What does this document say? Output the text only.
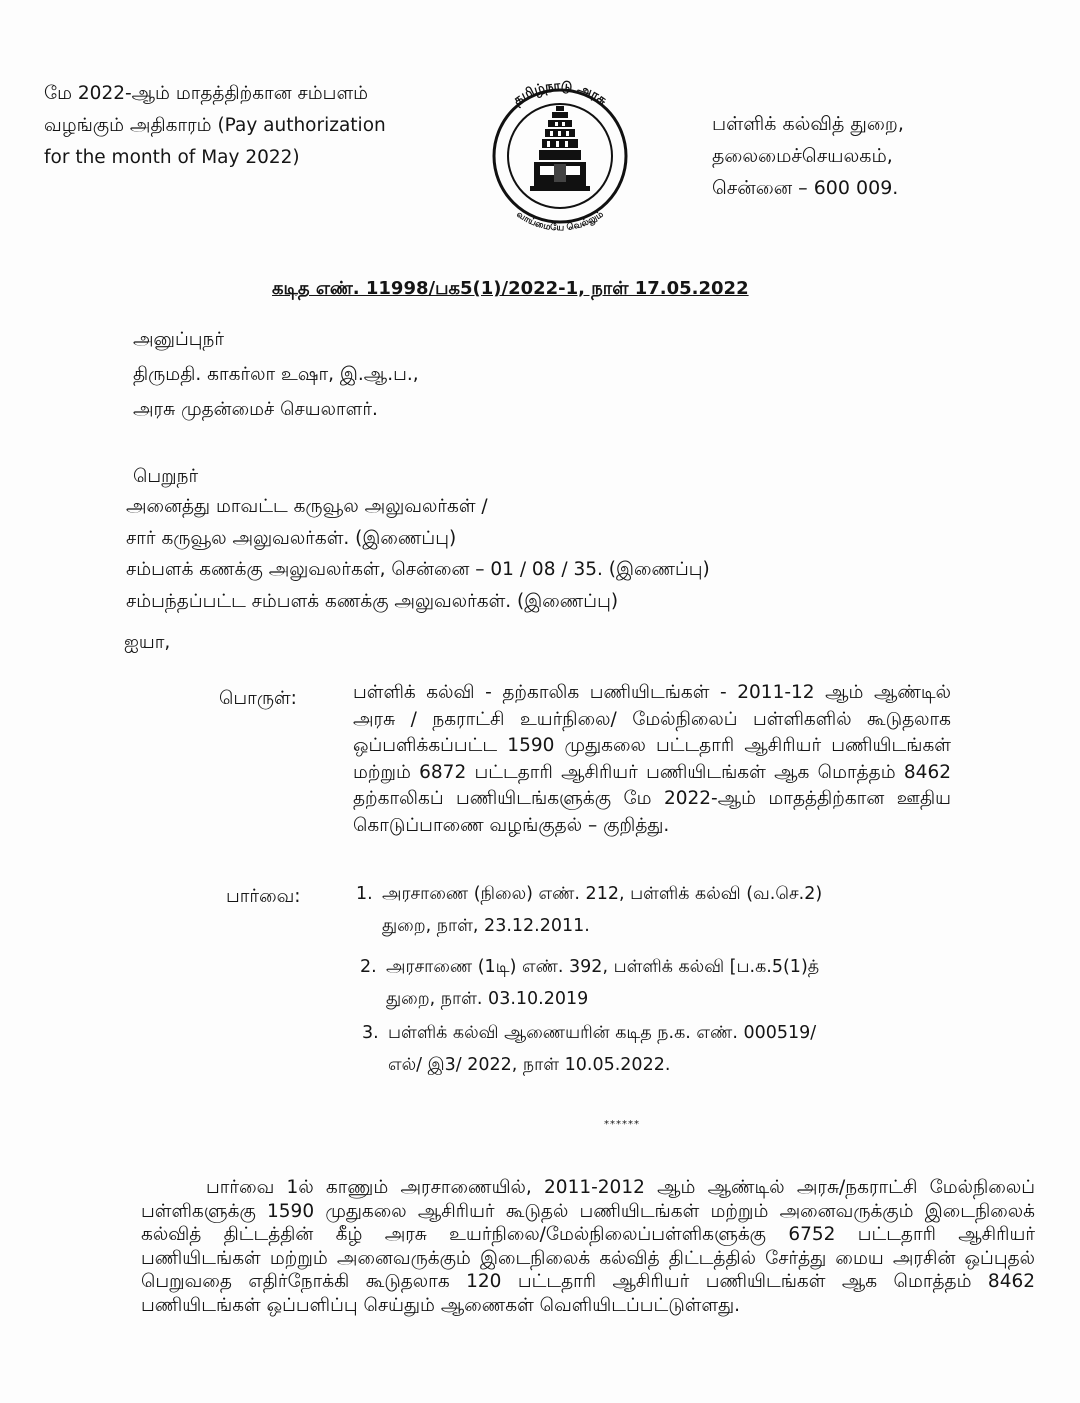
மே 2022-ஆம் மாதத்திற்கான சம்பளம்
வழங்கும் அதிகாரம் (Pay authorization
for the month of May 2022)
தமிழ்நாடு அரசு
வாய்மையே வெல்லும்
பள்ளிக் கல்வித் துறை,
தலைமைச்செயலகம்,
சென்னை – 600 009.
கடித எண். 11998/பக5(1)/2022-1, நாள் 17.05.2022
அனுப்புநர்
திருமதி. காகர்லா உஷா, இ.ஆ.ப.,
அரசு முதன்மைச் செயலாளர்.
பெறுநர்
அனைத்து மாவட்ட கருவூல அலுவலர்கள் /
சார் கருவூல அலுவலர்கள். (இணைப்பு)
சம்பளக் கணக்கு அலுவலர்கள், சென்னை – 01 / 08 / 35. (இணைப்பு)
சம்பந்தப்பட்ட சம்பளக் கணக்கு அலுவலர்கள். (இணைப்பு)
ஐயா,
பொருள்:	பள்ளிக் கல்வி - தற்காலிக பணியிடங்கள் - 2011-12 ஆம் ஆண்டில் அரசு / நகராட்சி உயர்நிலை/ மேல்நிலைப் பள்ளிகளில் கூடுதலாக ஒப்பளிக்கப்பட்ட 1590 முதுகலை பட்டதாரி ஆசிரியர் பணியிடங்கள் மற்றும் 6872 பட்டதாரி ஆசிரியர் பணியிடங்கள் ஆக மொத்தம் 8462 தற்காலிகப் பணியிடங்களுக்கு மே 2022-ஆம் மாதத்திற்கான ஊதிய கொடுப்பாணை வழங்குதல் – குறித்து.
பார்வை:	1. அரசாணை (நிலை) எண். 212, பள்ளிக் கல்வி (வ.செ.2)
துறை, நாள், 23.12.2011.
2. அரசாணை (1டி) எண். 392, பள்ளிக் கல்வி [ப.க.5(1)த்
துறை, நாள். 03.10.2019
3. பள்ளிக் கல்வி ஆணையரின் கடித ந.க. எண். 000519/
எல்/ இ3/ 2022, நாள் 10.05.2022.
******
பார்வை 1ல் காணும் அரசாணையில், 2011-2012 ஆம் ஆண்டில் அரசு/நகராட்சி மேல்நிலைப் பள்ளிகளுக்கு 1590 முதுகலை ஆசிரியர் கூடுதல் பணியிடங்கள் மற்றும் அனைவருக்கும் இடைநிலைக் கல்வித் திட்டத்தின் கீழ் அரசு உயர்நிலை/மேல்நிலைப்பள்ளிகளுக்கு 6752 பட்டதாரி ஆசிரியர் பணியிடங்கள் மற்றும் அனைவருக்கும் இடைநிலைக் கல்வித் திட்டத்தில் சேர்த்து மைய அரசின் ஒப்புதல் பெறுவதை எதிர்நோக்கி கூடுதலாக 120 பட்டதாரி ஆசிரியர் பணியிடங்கள் ஆக மொத்தம் 8462 பணியிடங்கள் ஒப்பளிப்பு செய்தும் ஆணைகள் வெளியிடப்பட்டுள்ளது.
